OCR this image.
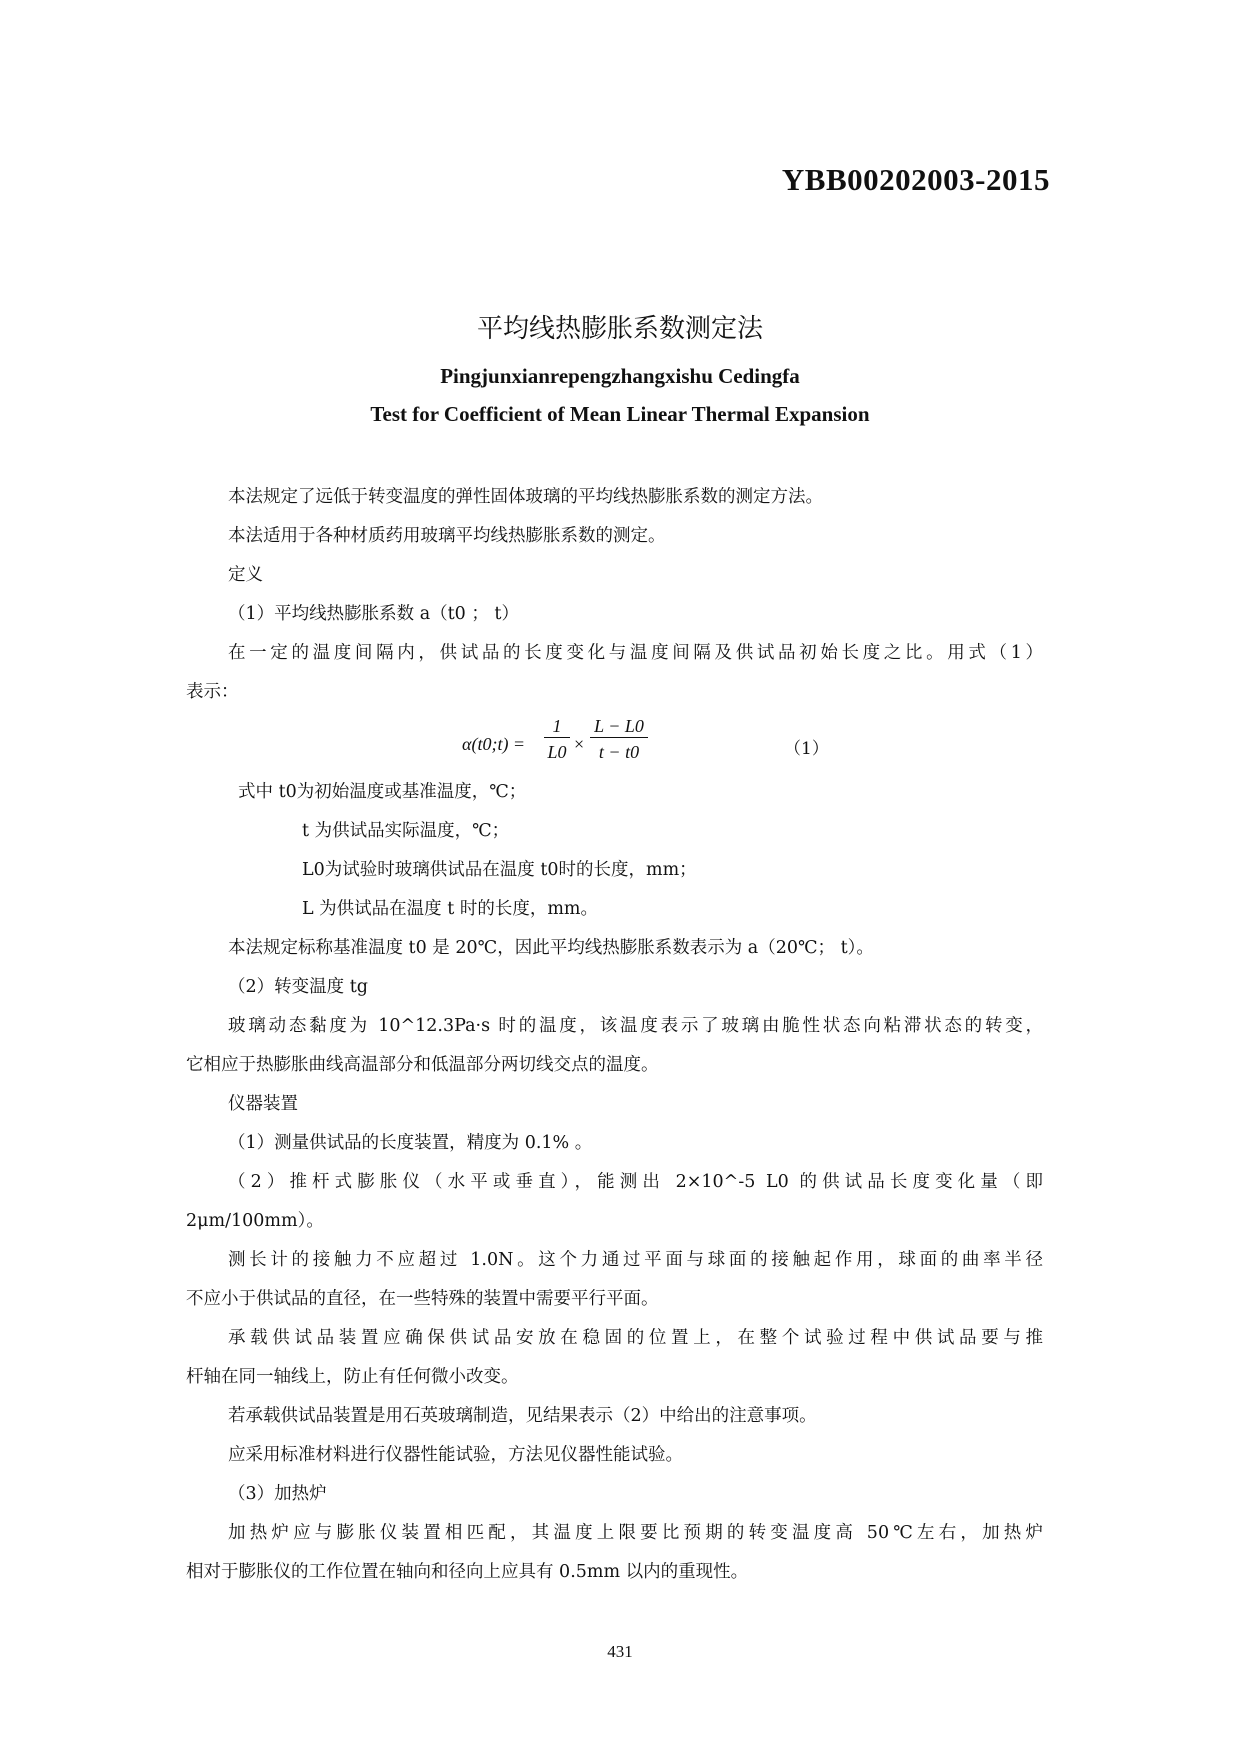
YBB00202003-2015
平均线热膨胀系数测定法
Pingjunxianrepengzhangxishu Cedingfa
Test for Coefficient of Mean Linear Thermal Expansion
本法规定了远低于转变温度的弹性固体玻璃的平均线热膨胀系数的测定方法。
本法适用于各种材质药用玻璃平均线热膨胀系数的测定。
定义
（1）平均线热膨胀系数 a（t0 ； t）
在一定的温度间隔内，供试品的长度变化与温度间隔及供试品初始长度之比。用式（1）
表示：
α(t0;t) = $\frac{1}{L0} \times \frac{L - L0}{t - t0}$	（1）
式中 t0为初始温度或基准温度，℃；
t 为供试品实际温度，℃；
L0为试验时玻璃供试品在温度 t0时的长度，mm；
L 为供试品在温度 t 时的长度，mm。
本法规定标称基准温度 t0 是 20℃，因此平均线热膨胀系数表示为 a（20℃； t）。
（2）转变温度 tg
玻璃动态黏度为 10^12.3Pa·s 时的温度，该温度表示了玻璃由脆性状态向粘滞状态的转变，
它相应于热膨胀曲线高温部分和低温部分两切线交点的温度。
仪器装置
（1）测量供试品的长度装置，精度为 0.1% 。
（2）推杆式膨胀仪（水平或垂直），能测出 2×10^-5 L0 的供试品长度变化量（即
2μm/100mm）。
测长计的接触力不应超过 1.0N。这个力通过平面与球面的接触起作用，球面的曲率半径
不应小于供试品的直径，在一些特殊的装置中需要平行平面。
承载供试品装置应确保供试品安放在稳固的位置上，在整个试验过程中供试品要与推
杆轴在同一轴线上，防止有任何微小改变。
若承载供试品装置是用石英玻璃制造，见结果表示（2）中给出的注意事项。
应采用标准材料进行仪器性能试验，方法见仪器性能试验。
（3）加热炉
加热炉应与膨胀仪装置相匹配，其温度上限要比预期的转变温度高 50℃左右，加热炉
相对于膨胀仪的工作位置在轴向和径向上应具有 0.5mm 以内的重现性。
431
